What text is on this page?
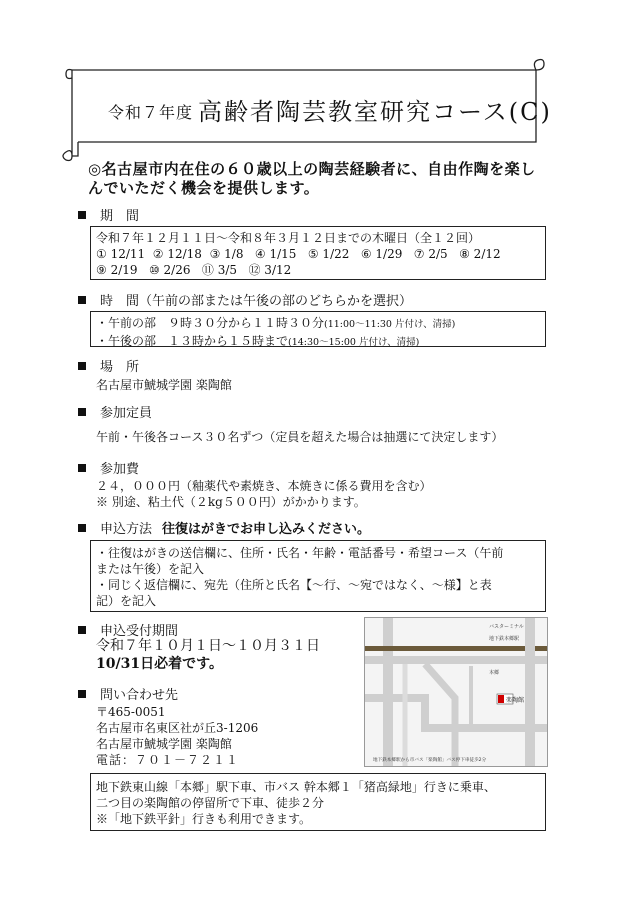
令和７年度 高齢者陶芸教室研究コース(C)
◎名古屋市内在住の６０歳以上の陶芸経験者に、自由作陶を楽し
んでいただく機会を提供します。
期　間
令和７年１２月１１日～令和８年３月１２日までの木曜日（全１２回）
① 12/11  ② 12/18  ③ 1/8   ④ 1/15   ⑤ 1/22   ⑥ 1/29   ⑦ 2/5   ⑧ 2/12
⑨ 2/19   ⑩ 2/26   ⑪ 3/5   ⑫ 3/12
時　間（午前の部または午後の部のどちらかを選択）
・午前の部　９時３０分から１１時３０分(11:00～11:30 片付け、清掃)
・午後の部　１３時から１５時まで(14:30～15:00 片付け、清掃)
場　所
名古屋市鯱城学園 楽陶館
参加定員
午前・午後各コース３０名ずつ（定員を超えた場合は抽選にて決定します）
参加費
２４，０００円（釉薬代や素焼き、本焼きに係る費用を含む）
※ 別途、粘土代（２kg５００円）がかかります。
申込方法 往復はがきでお申し込みください。
・往復はがきの送信欄に、住所・氏名・年齢・電話番号・希望コース（午前
または午後）を記入
・同じく返信欄に、宛先（住所と氏名【～行、～宛ではなく、～様】と表
記）を記入
申込受付期間
令和７年１０月１日～１０月３１日
10/31日必着です。
問い合わせ先
〒465-0051
名古屋市名東区社が丘3-1206
名古屋市鯱城学園 楽陶館
電話：７０１－７２１１
楽陶館
バスターミナル
地下鉄本郷駅
本郷
地下鉄本郷駅から市バス「楽陶館」バス停下車徒歩2分
地下鉄東山線「本郷」駅下車、市バス 幹本郷１「猪高緑地」行きに乗車、
二つ目の楽陶館の停留所で下車、徒歩２分
※「地下鉄平針」行きも利用できます。
